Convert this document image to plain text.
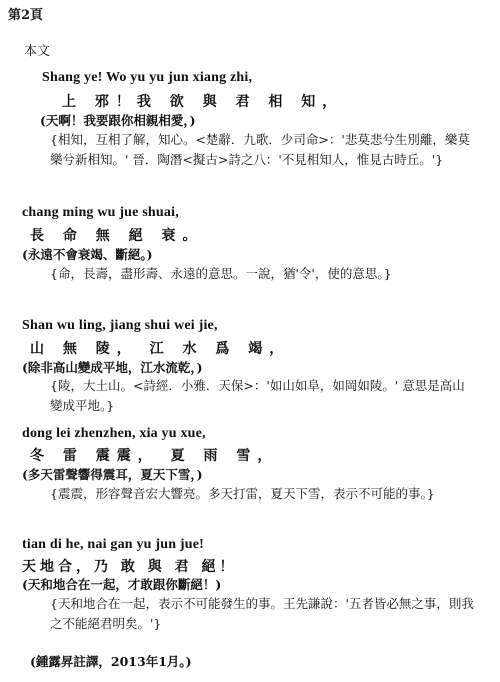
第2頁
本文
Shang ye! Wo yu yu jun xiang zhi,
上 邪！我 欲 與 君 相 知，
(天啊！我要跟你相親相愛，)
{相知，互相了解，知心。<楚辭．九歌．少司命>：'悲莫悲兮生別離，樂莫樂兮新相知。' 晉．陶潛<擬古>詩之八：'不見相知人，惟見古時丘。'}
chang ming wu jue shuai,
長 命 無 絕 衰。
(永遠不會衰竭、斷絕。)
{命，長壽，盡形壽、永遠的意思。一說，猶'令'，使的意思。}
Shan wu ling, jiang shui wei jie,
山 無 陵， 江 水 爲 竭，
(除非高山變成平地，江水流乾，)
{陵，大土山。<詩經．小雅．天保>：'如山如阜，如岡如陵。' 意思是高山變成平地。}
dong lei zhenzhen, xia yu xue,
冬 雷 震震， 夏 雨 雪，
(多天雷聲響得震耳，夏天下雪，)
{震震，形容聲音宏大響亮。多天打雷，夏天下雪，表示不可能的事。}
tian di he, nai gan yu jun jue!
天地合，乃 敢 與 君 絕！
(天和地合在一起，才敢跟你斷絕！)
{天和地合在一起，表示不可能發生的事。王先謙說：'五者皆必無之事，則我之不能絕君明矣。'}
(鍾露昇註譯，2013年1月。)
